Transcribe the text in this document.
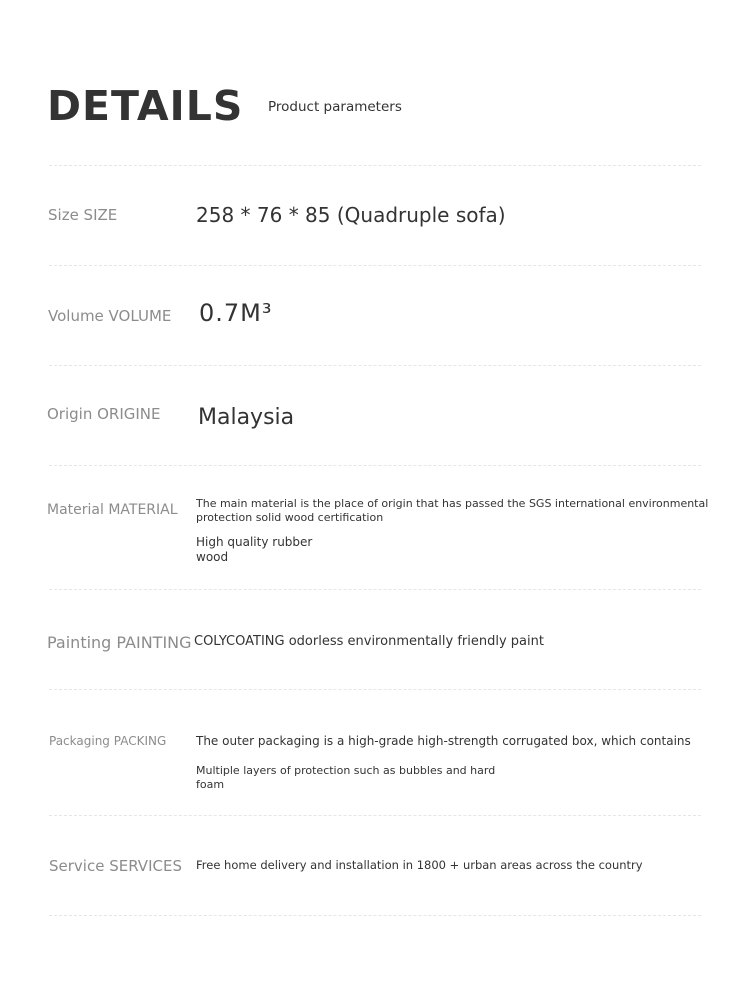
DETAILS Product parameters
Size SIZE	258 * 76 * 85 (Quadruple sofa)
Volume VOLUME 0.7M³
Origin ORIGINE Malaysia
Material MATERIAL The main material is the place of origin that has passed the SGS international environmental
protection solid wood certification
High quality rubber
wood
Painting PAINTING COLYCOATING odorless environmentally friendly paint
Packaging PACKING The outer packaging is a high-grade high-strength corrugated box, which contains
Multiple layers of protection such as bubbles and hard
foam
Service SERVICES Free home delivery and installation in 1800 + urban areas across the country
